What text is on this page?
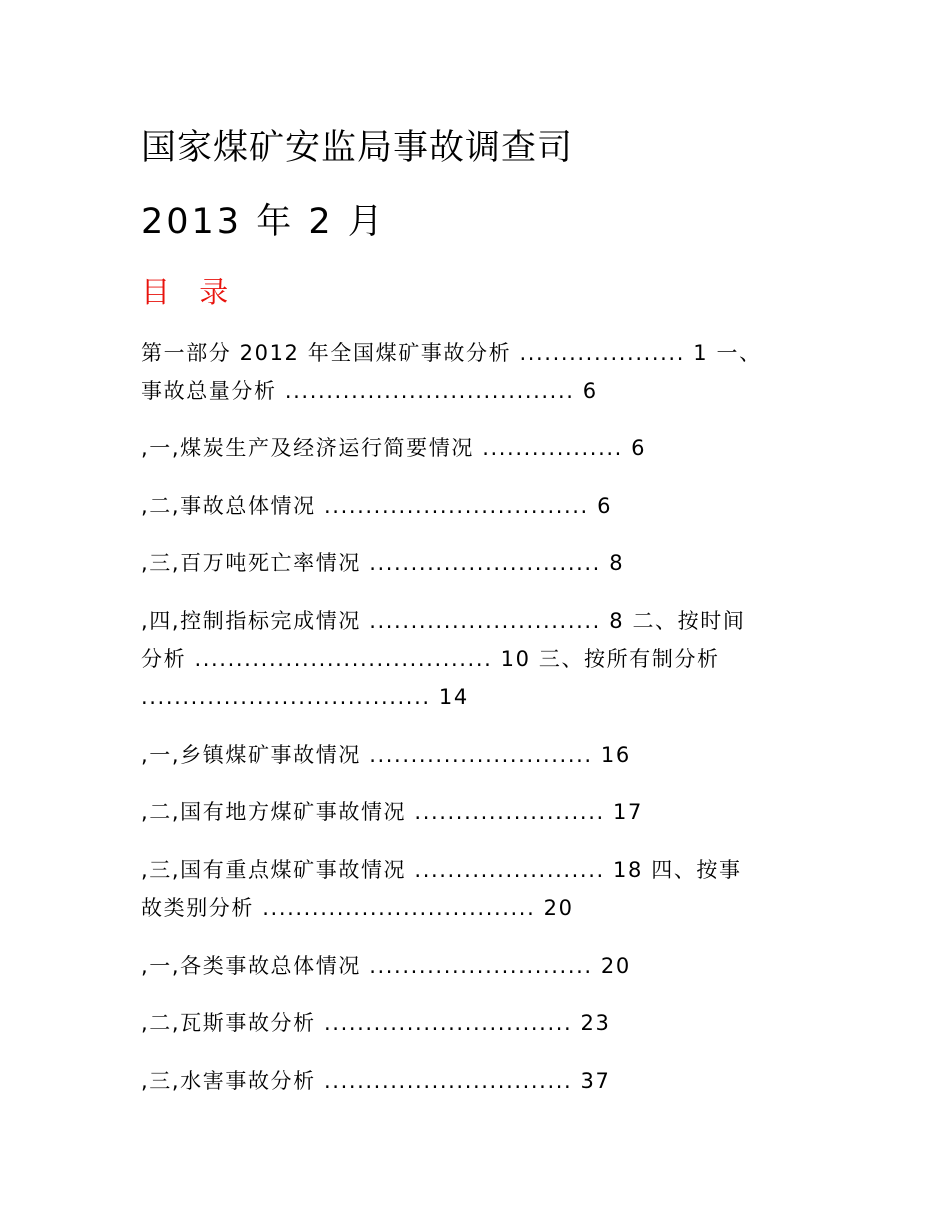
国家煤矿安监局事故调查司
2013 年 2 月
目 录

第一部分 2012 年全国煤矿事故分析 .................... 1 一、

事故总量分析 ................................... 6

,一,煤炭生产及经济运行简要情况 ................. 6

,二,事故总体情况 ................................ 6

,三,百万吨死亡率情况 ............................ 8

,四,控制指标完成情况 ............................ 8 二、按时间

分析 .................................... 10 三、按所有制分析

................................... 14

,一,乡镇煤矿事故情况 ........................... 16

,二,国有地方煤矿事故情况 ....................... 17

,三,国有重点煤矿事故情况 ....................... 18 四、按事

故类别分析 ................................. 20

,一,各类事故总体情况 ........................... 20

,二,瓦斯事故分析 .............................. 23

,三,水害事故分析 .............................. 37
